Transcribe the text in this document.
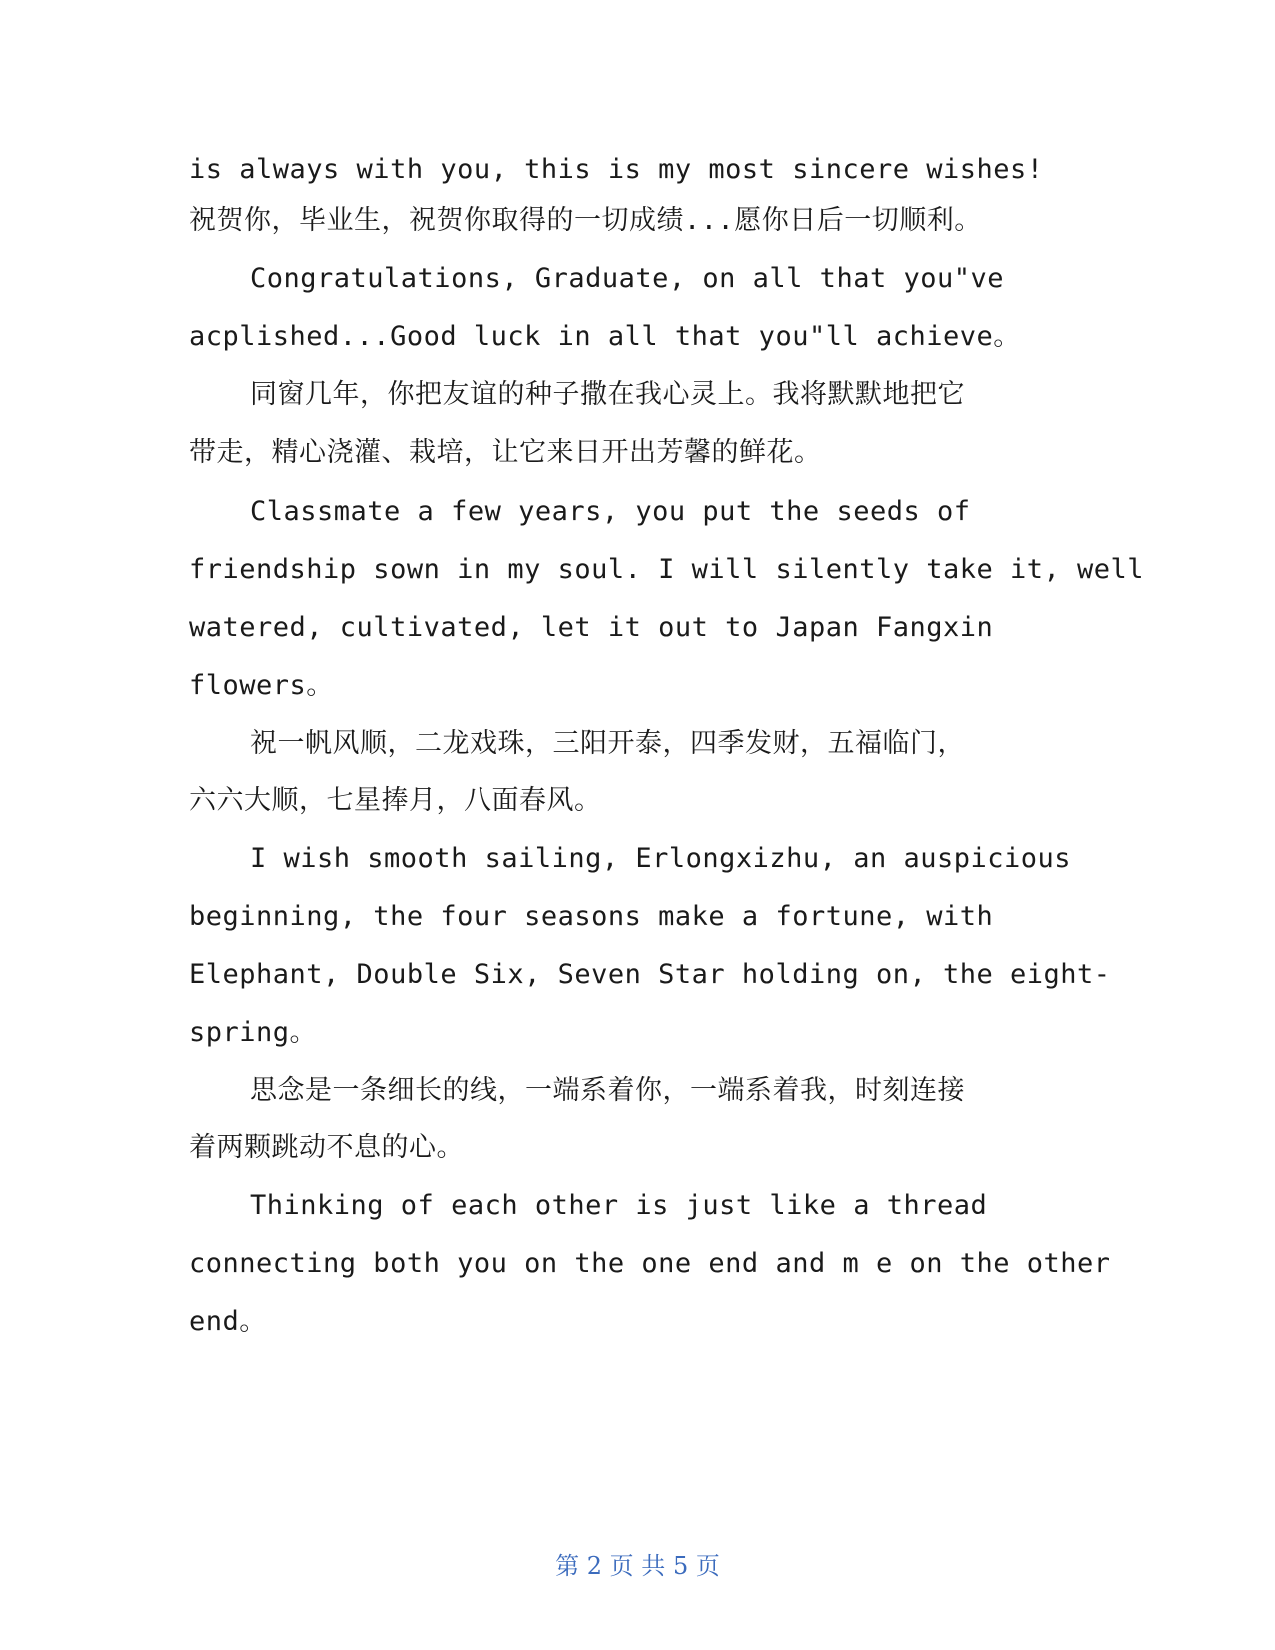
is always with you, this is my most sincere wishes!
祝贺你，毕业生，祝贺你取得的一切成绩...愿你日后一切顺利。
Congratulations, Graduate, on all that you"ve
acplished...Good luck in all that you"ll achieve。
同窗几年，你把友谊的种子撒在我心灵上。我将默默地把它
带走，精心浇灌、栽培，让它来日开出芳馨的鲜花。
Classmate a few years, you put the seeds of
friendship sown in my soul. I will silently take it, well
watered, cultivated, let it out to Japan Fangxin
flowers。
祝一帆风顺，二龙戏珠，三阳开泰，四季发财，五福临门，
六六大顺，七星捧月，八面春风。
I wish smooth sailing, Erlongxizhu, an auspicious
beginning, the four seasons make a fortune, with
Elephant, Double Six, Seven Star holding on, the eight-
spring。
思念是一条细长的线，一端系着你，一端系着我，时刻连接
着两颗跳动不息的心。
Thinking of each other is just like a thread
connecting both you on the one end and m e on the other
end。
第 2 页 共 5 页
